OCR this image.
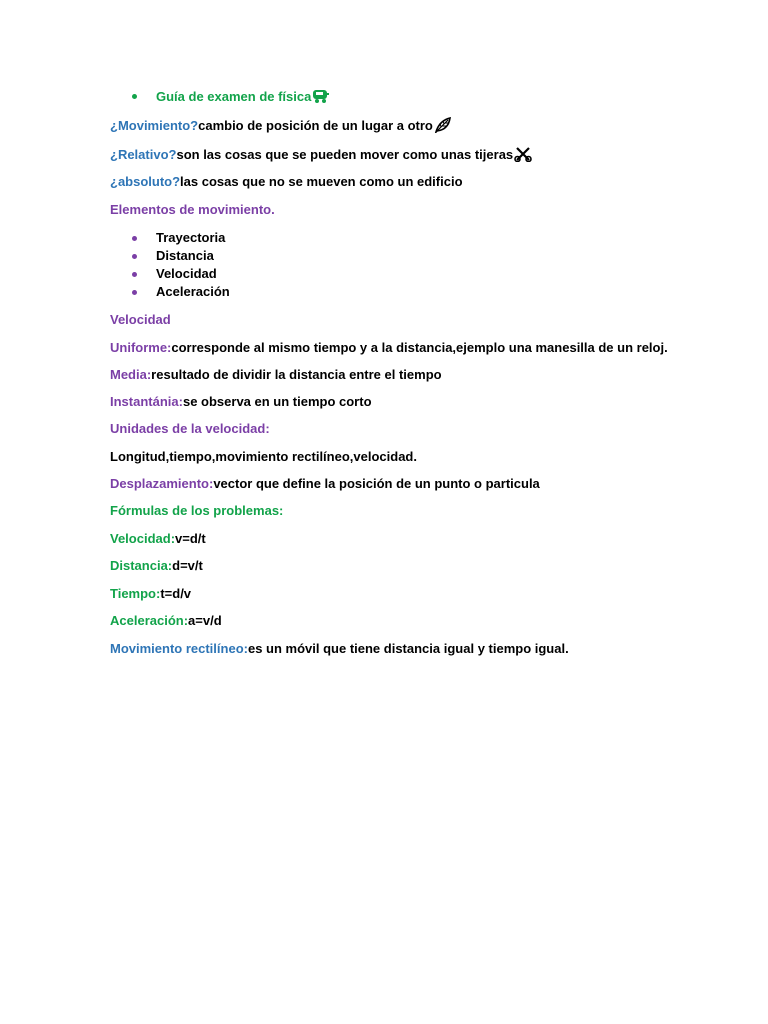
Guía de examen de física
¿Movimiento?cambio de posición de un lugar a otro
¿Relativo?son las cosas que se pueden mover como unas tijeras
¿absoluto?las cosas que no se mueven como un edificio
Elementos de movimiento.
Trayectoria
Distancia
Velocidad
Aceleración
Velocidad
Uniforme:corresponde al mismo tiempo y a la distancia,ejemplo una manesilla de un reloj.
Media:resultado de dividir la distancia entre el tiempo
Instantánia:se observa en un tiempo corto
Unidades de la velocidad:
Longitud,tiempo,movimiento rectilíneo,velocidad.
Desplazamiento:vector que define la posición de un punto o particula
Fórmulas de los problemas:
Velocidad:v=d/t
Distancia:d=v/t
Tiempo:t=d/v
Aceleración:a=v/d
Movimiento rectilíneo:es un móvil que tiene distancia igual y tiempo igual.
